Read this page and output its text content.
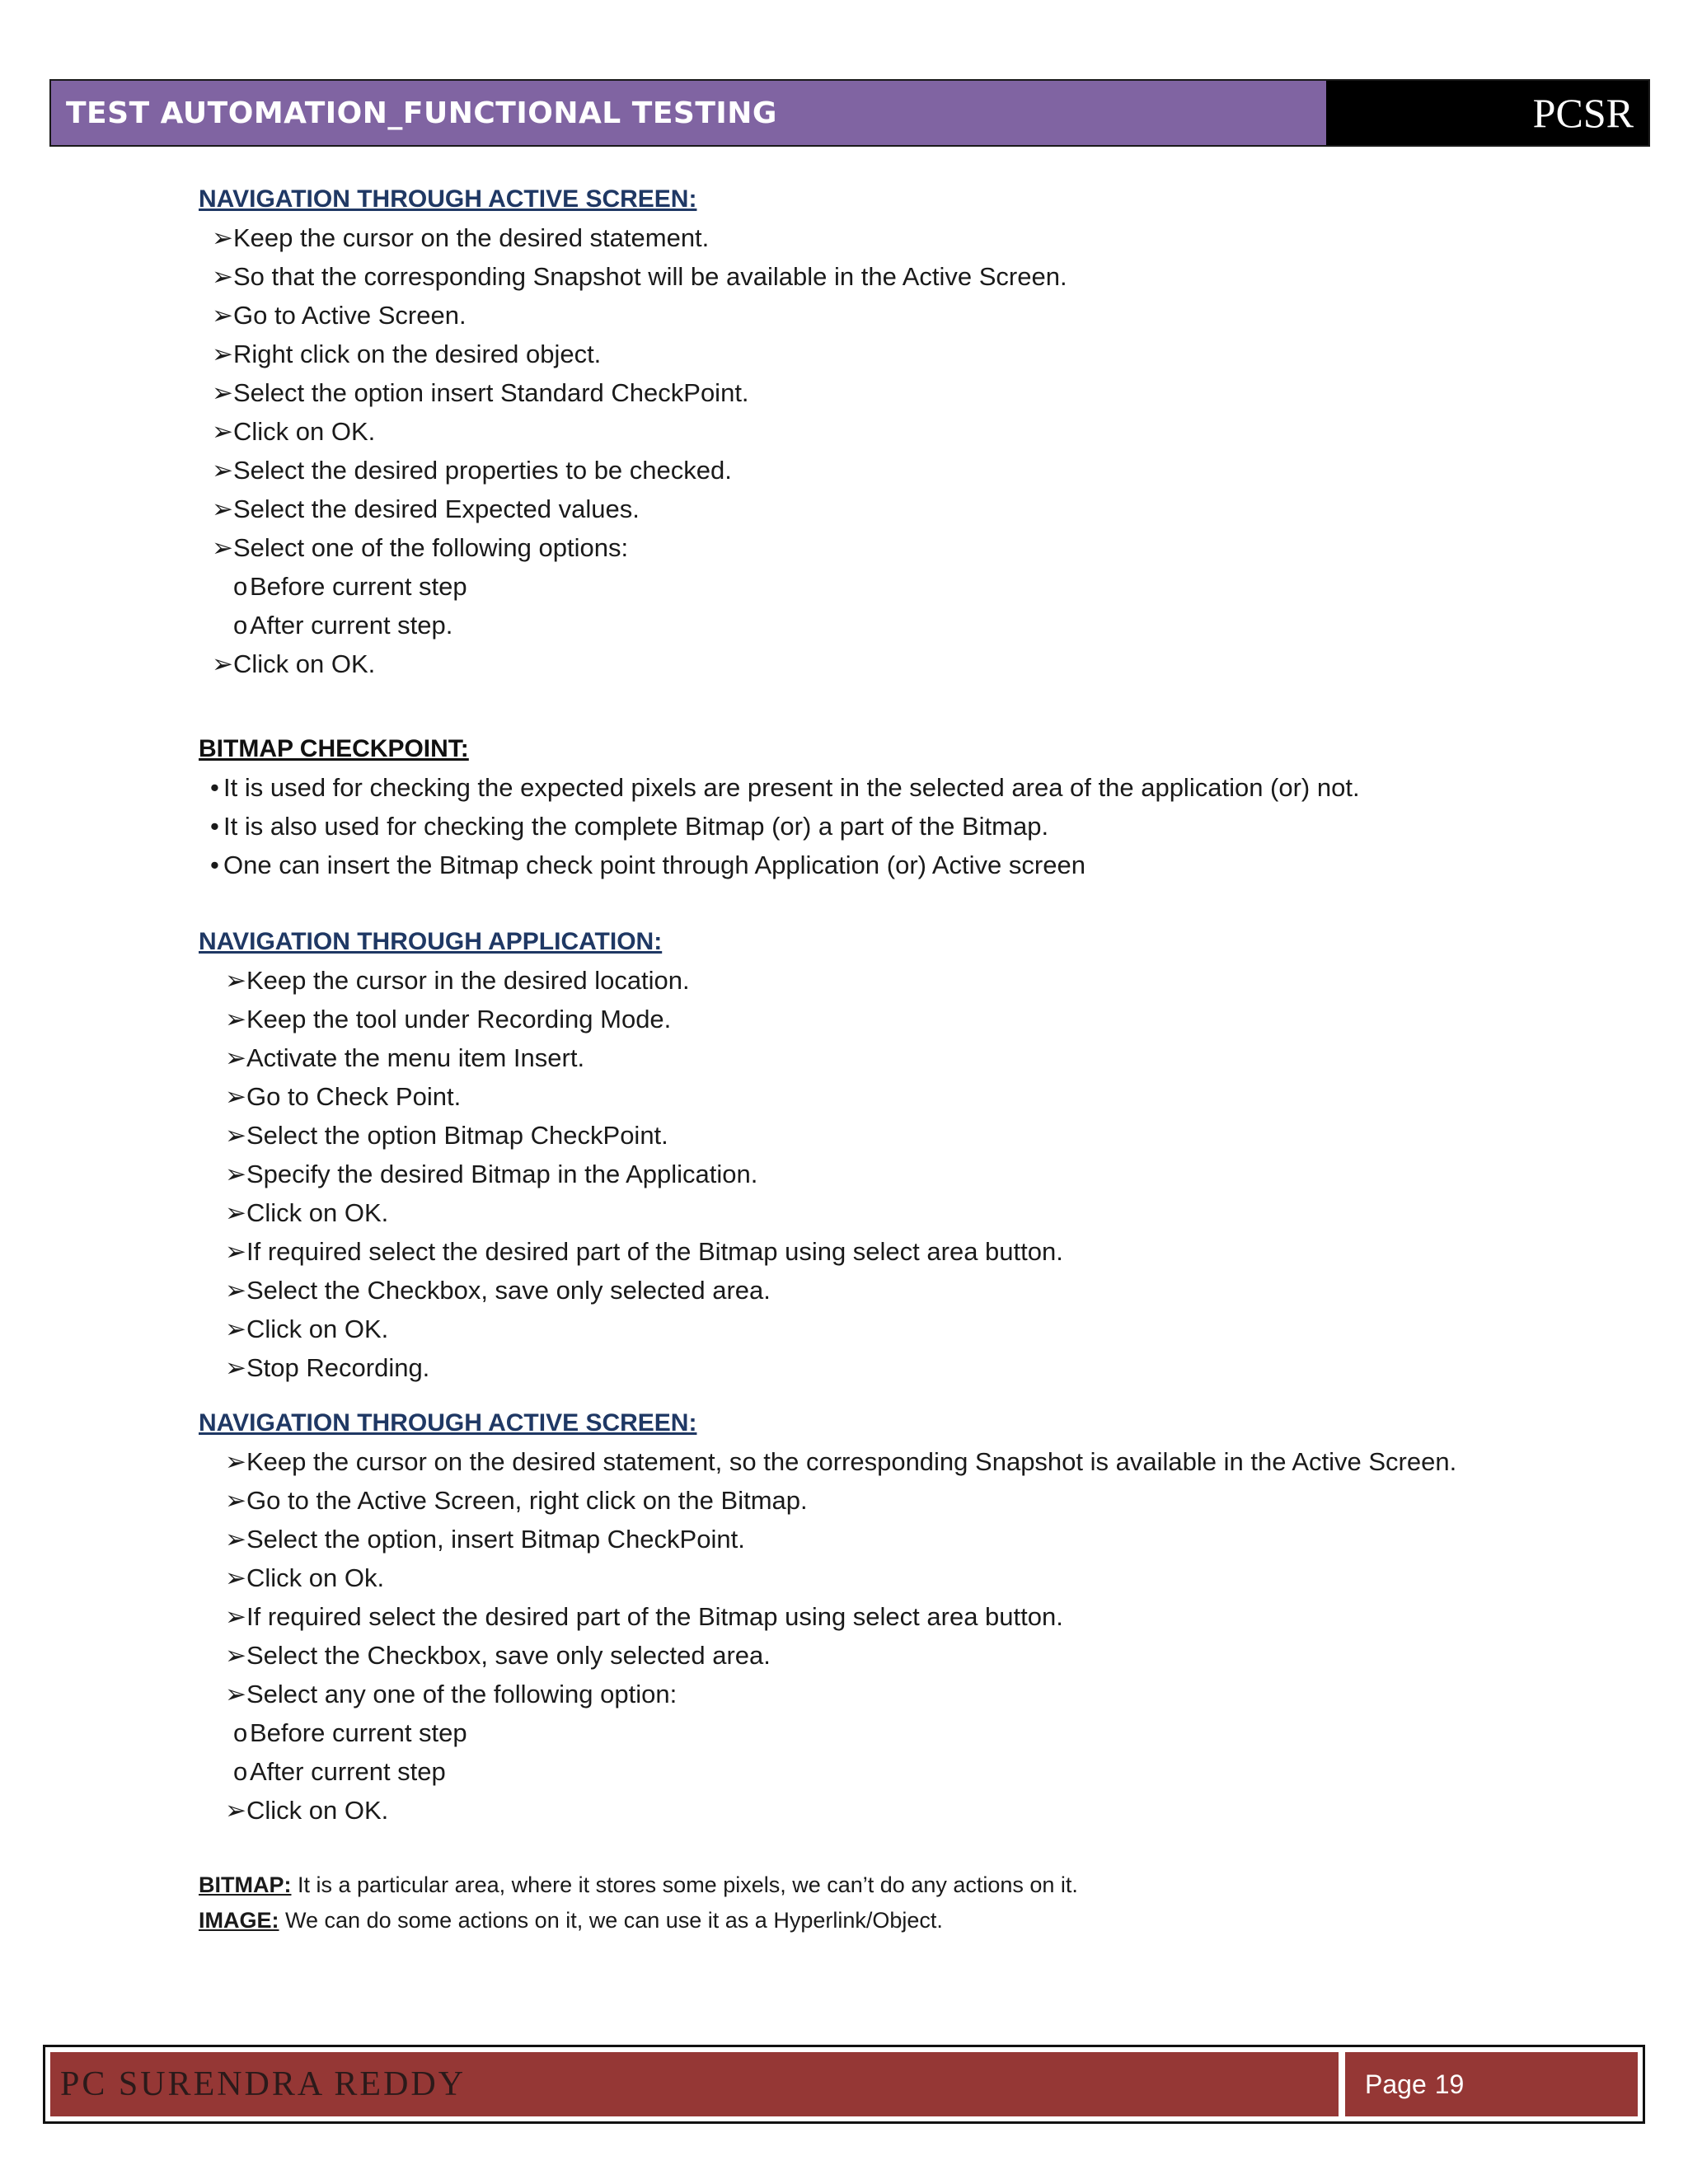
TEST AUTOMATION_FUNCTIONAL TESTING	PCSR
NAVIGATION THROUGH ACTIVE SCREEN:
➢ Keep the cursor on the desired statement.
➢ So that the corresponding Snapshot will be available in the Active Screen.
➢ Go to Active Screen.
➢ Right click on the desired object.
➢ Select the option insert Standard CheckPoint.
➢ Click on OK.
➢ Select the desired properties to be checked.
➢ Select the desired Expected values.
➢ Select one of the following options:
o Before current step
o After current step.
➢ Click on OK.
BITMAP CHECKPOINT:
• It is used for checking the expected pixels are present in the selected area of the application (or) not.
• It is also used for checking the complete Bitmap (or) a part of the Bitmap.
• One can insert the Bitmap check point through Application (or) Active screen
NAVIGATION THROUGH APPLICATION:
➢ Keep the cursor in the desired location.
➢ Keep the tool under Recording Mode.
➢ Activate the menu item Insert.
➢ Go to Check Point.
➢ Select the option Bitmap CheckPoint.
➢ Specify the desired Bitmap in the Application.
➢ Click on OK.
➢ If required select the desired part of the Bitmap using select area button.
➢ Select the Checkbox, save only selected area.
➢ Click on OK.
➢ Stop Recording.
NAVIGATION THROUGH ACTIVE SCREEN:
➢ Keep the cursor on the desired statement, so the corresponding Snapshot is available in the Active Screen.
➢ Go to the Active Screen, right click on the Bitmap.
➢ Select the option, insert Bitmap CheckPoint.
➢ Click on Ok.
➢ If required select the desired part of the Bitmap using select area button.
➢ Select the Checkbox, save only selected area.
➢ Select any one of the following option:
o Before current step
o After current step
➢ Click on OK.
BITMAP: It is a particular area, where it stores some pixels, we can’t do any actions on it.
IMAGE: We can do some actions on it, we can use it as a Hyperlink/Object.
PC SURENDRA REDDY	Page 19
